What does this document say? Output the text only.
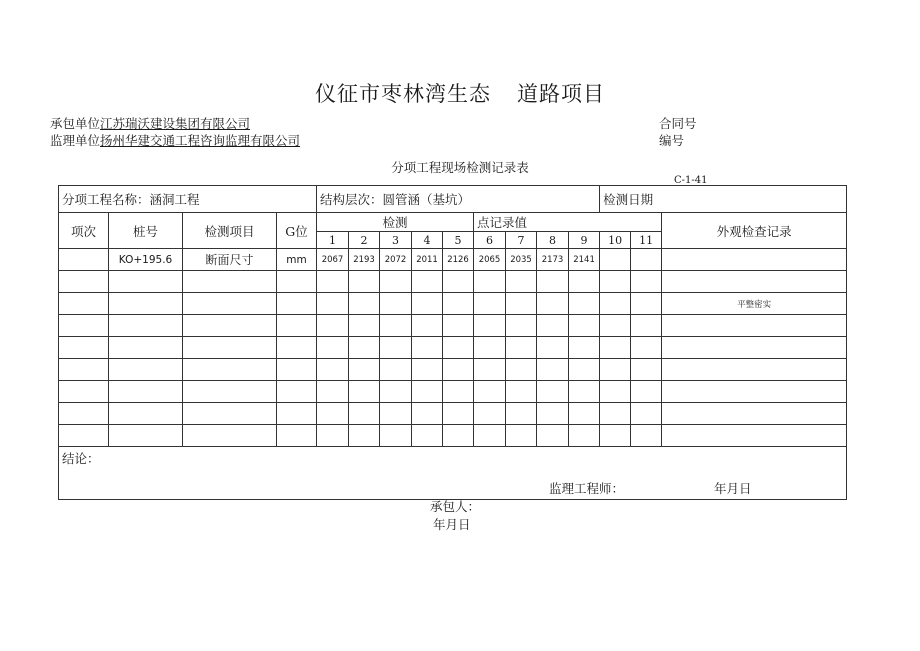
仪征市枣林湾生态 道路项目
承包单位江苏瑞沃建设集团有限公司
监理单位扬州华建交通工程咨询监理有限公司
合同号
编号
分项工程现场检测记录表
C-1-41
分项工程名称：涵洞工程				结构层次：圆管涵（基坑）									检测日期		
项次	桩号	检测项目	G位	检测					点记录值						外观检查记录
				1	2	3	4	5	6	7	8	9	10	11	
	KO+195.6	断面尺寸	mm	2067	2193	2072	2011	2126	2065	2035	2173	2141			

															平整密实

结论：
监理工程师： 年月日															
承包人：
年月日
